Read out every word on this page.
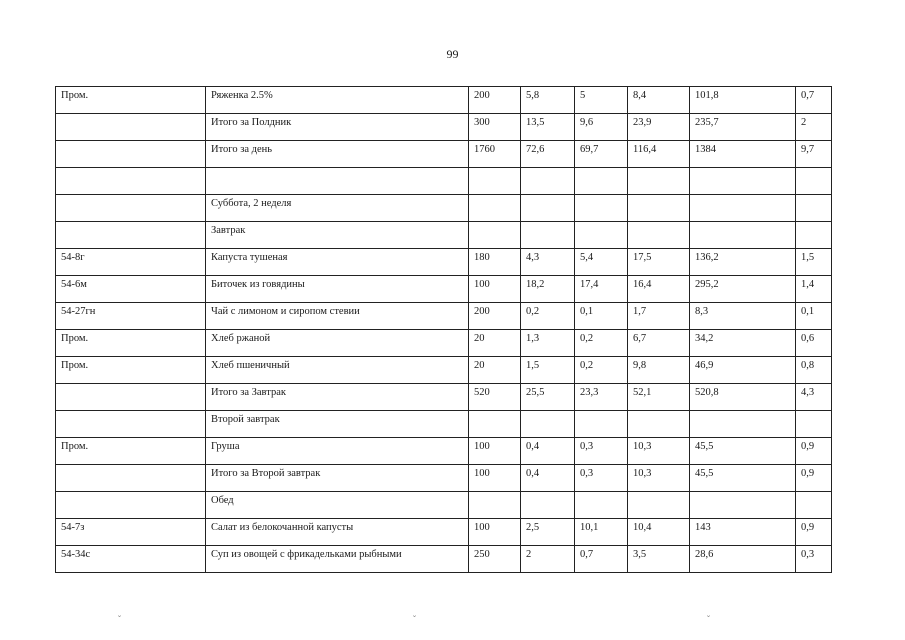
99
Пром.	Ряженка 2.5%	200	5,8	5	8,4	101,8	0,7
	Итого за Полдник	300	13,5	9,6	23,9	235,7	2
	Итого за день	1760	72,6	69,7	116,4	1384	9,7

	Суббота, 2 неделя						
	Завтрак						
54-8г	Капуста тушеная	180	4,3	5,4	17,5	136,2	1,5
54-6м	Биточек из говядины	100	18,2	17,4	16,4	295,2	1,4
54-27гн	Чай с лимоном и сиропом стевии	200	0,2	0,1	1,7	8,3	0,1
Пром.	Хлеб ржаной	20	1,3	0,2	6,7	34,2	0,6
Пром.	Хлеб пшеничный	20	1,5	0,2	9,8	46,9	0,8
	Итого за Завтрак	520	25,5	23,3	52,1	520,8	4,3
	Второй завтрак						
Пром.	Груша	100	0,4	0,3	10,3	45,5	0,9
	Итого за Второй завтрак	100	0,4	0,3	10,3	45,5	0,9
	Обед						
54-7з	Салат из белокочанной капусты	100	2,5	10,1	10,4	143	0,9
54-34с	Суп из овощей с фрикадельками рыбными	250	2	0,7	3,5	28,6	0,3
˘	˘	˘
